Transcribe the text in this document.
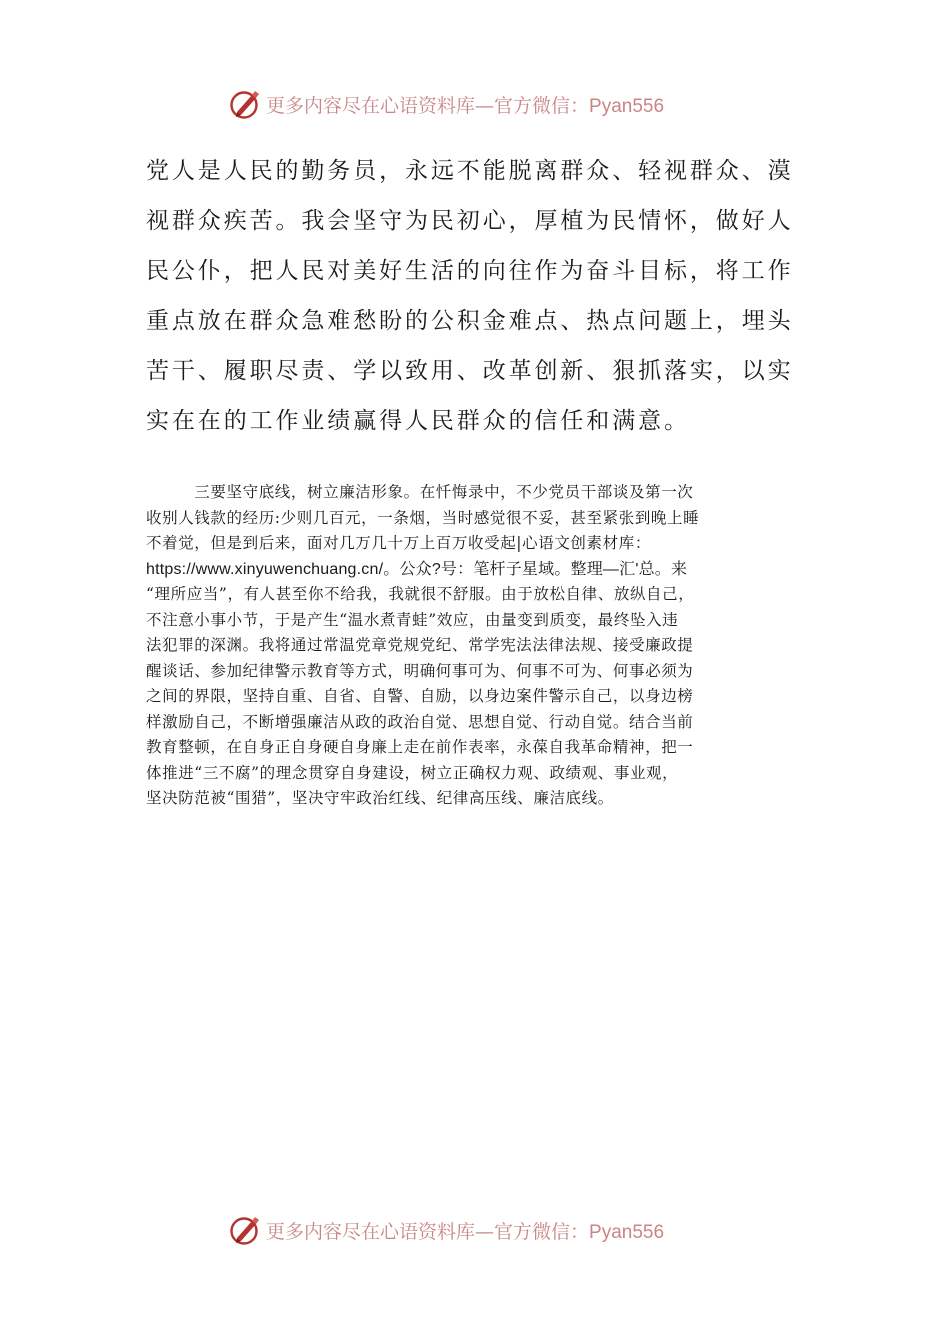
更多内容尽在心语资料库—官方微信：Pyan556
党人是人民的勤务员，永远不能脱离群众、轻视群众、漠
视群众疾苦。我会坚守为民初心，厚植为民情怀，做好人
民公仆，把人民对美好生活的向往作为奋斗目标，将工作
重点放在群众急难愁盼的公积金难点、热点问题上，埋头
苦干、履职尽责、学以致用、改革创新、狠抓落实，以实
实在在的工作业绩赢得人民群众的信任和满意。
　　　三要坚守底线，树立廉洁形象。在忏悔录中，不少党员干部谈及第一次
收别人钱款的经历:少则几百元，一条烟，当时感觉很不妥，甚至紧张到晚上睡
不着觉，但是到后来，面对几万几十万上百万收受起|心语文创素材库：
https://www.xinyuwenchuang.cn/。公众?号：笔杆子星域。整理—汇'总。来
“理所应当”，有人甚至你不给我，我就很不舒服。由于放松自律、放纵自己，
不注意小事小节，于是产生“温水煮青蛙”效应，由量变到质变，最终坠入违
法犯罪的深渊。我将通过常温党章党规党纪、常学宪法法律法规、接受廉政提
醒谈话、参加纪律警示教育等方式，明确何事可为、何事不可为、何事必须为
之间的界限，坚持自重、自省、自警、自励，以身边案件警示自己，以身边榜
样激励自己，不断增强廉洁从政的政治自觉、思想自觉、行动自觉。结合当前
教育整顿，在自身正自身硬自身廉上走在前作表率，永葆自我革命精神，把一
体推进“三不腐”的理念贯穿自身建设，树立正确权力观、政绩观、事业观，
坚决防范被“围猎”，坚决守牢政治红线、纪律高压线、廉洁底线。
更多内容尽在心语资料库—官方微信：Pyan556
